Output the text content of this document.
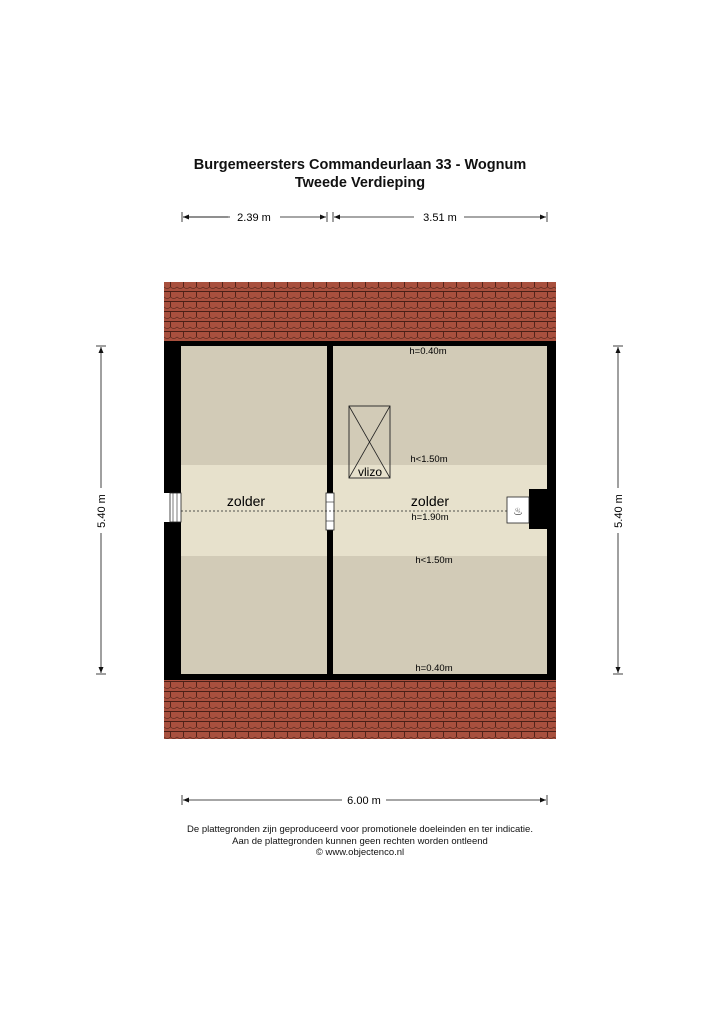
Burgemeersters Commandeurlaan 33 - Wognum
Tweede Verdieping
♨
vlizo
zolder	zolder
h=0.40m
h<1.50m
h=1.90m
h<1.50m
h=0.40m
2.39 m	3.51 m
6.00 m
5.40 m	5.40 m
De plattegronden zijn geproduceerd voor promotionele doeleinden en ter indicatie.
Aan de plattegronden kunnen geen rechten worden ontleend
© www.objectenco.nl
